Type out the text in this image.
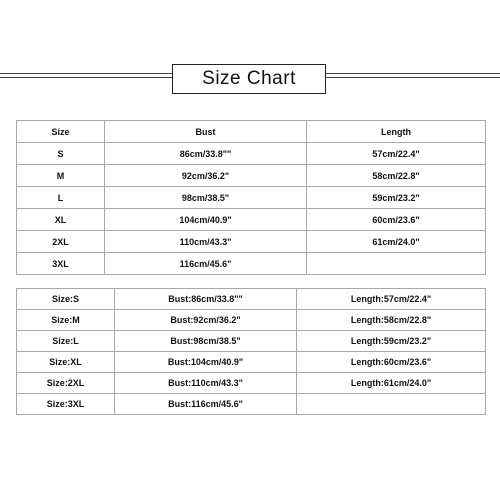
Size Chart
Size	Bust	Length
S	86cm/33.8""	57cm/22.4"
M	92cm/36.2"	58cm/22.8"
L	98cm/38.5"	59cm/23.2"
XL	104cm/40.9"	60cm/23.6"
2XL	110cm/43.3"	61cm/24.0"
3XL	116cm/45.6"	
Size:S	Bust:86cm/33.8""	Length:57cm/22.4"
Size:M	Bust:92cm/36.2"	Length:58cm/22.8"
Size:L	Bust:98cm/38.5"	Length:59cm/23.2"
Size:XL	Bust:104cm/40.9"	Length:60cm/23.6"
Size:2XL	Bust:110cm/43.3"	Length:61cm/24.0"
Size:3XL	Bust:116cm/45.6"	
